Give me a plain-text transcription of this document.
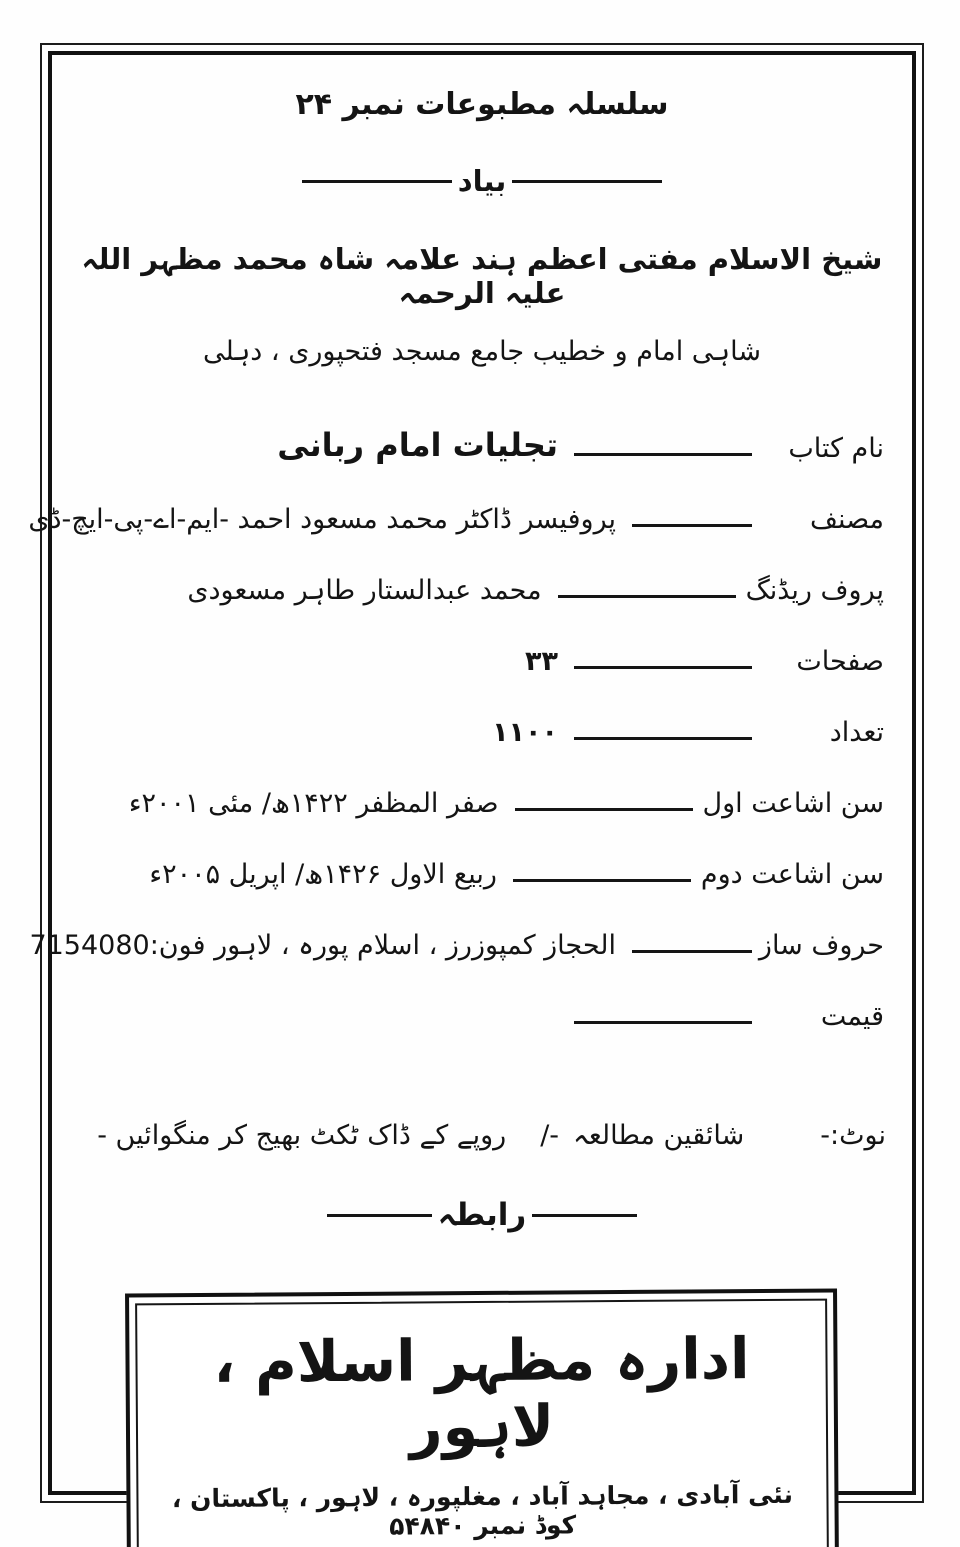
سلسلہ مطبوعات نمبر ۲۴
بیاد
شیخ الاسلام مفتی اعظم ہند علامہ شاہ محمد مظہر اللہ علیہ الرحمہ
شاہی امام و خطیب جامع مسجد فتحپوری ، دہلی
نام کتاب
تجلیات امام ربانی
مصنف
پروفیسر ڈاکٹر محمد مسعود احمد -ایم-اے-پی-ایچ-ڈی
پروف ریڈنگ
محمد عبدالستار طاہر مسعودی
صفحات
۳۳
تعداد
۱۱۰۰
سن اشاعت اول
صفر المظفر ۱۴۲۲ھ/ مئی ۲۰۰۱ء
سن اشاعت دوم
ربیع الاول ۱۴۲۶ھ/ اپریل ۲۰۰۵ء
حروف ساز
الحجاز کمپوزرز ، اسلام پورہ ، لاہور فون:7154080
قیمت
نوٹ:-
شائقین مطالعہ
-/
روپے کے ڈاک ٹکٹ بھیج کر منگوائیں -
رابطہ
ادارہ مظہر اسلام ، لاہور
نئی آبادی ، مجاہد آباد ، مغلپورہ ، لاہور ، پاکستان ، کوڈ نمبر ۵۴۸۴۰
